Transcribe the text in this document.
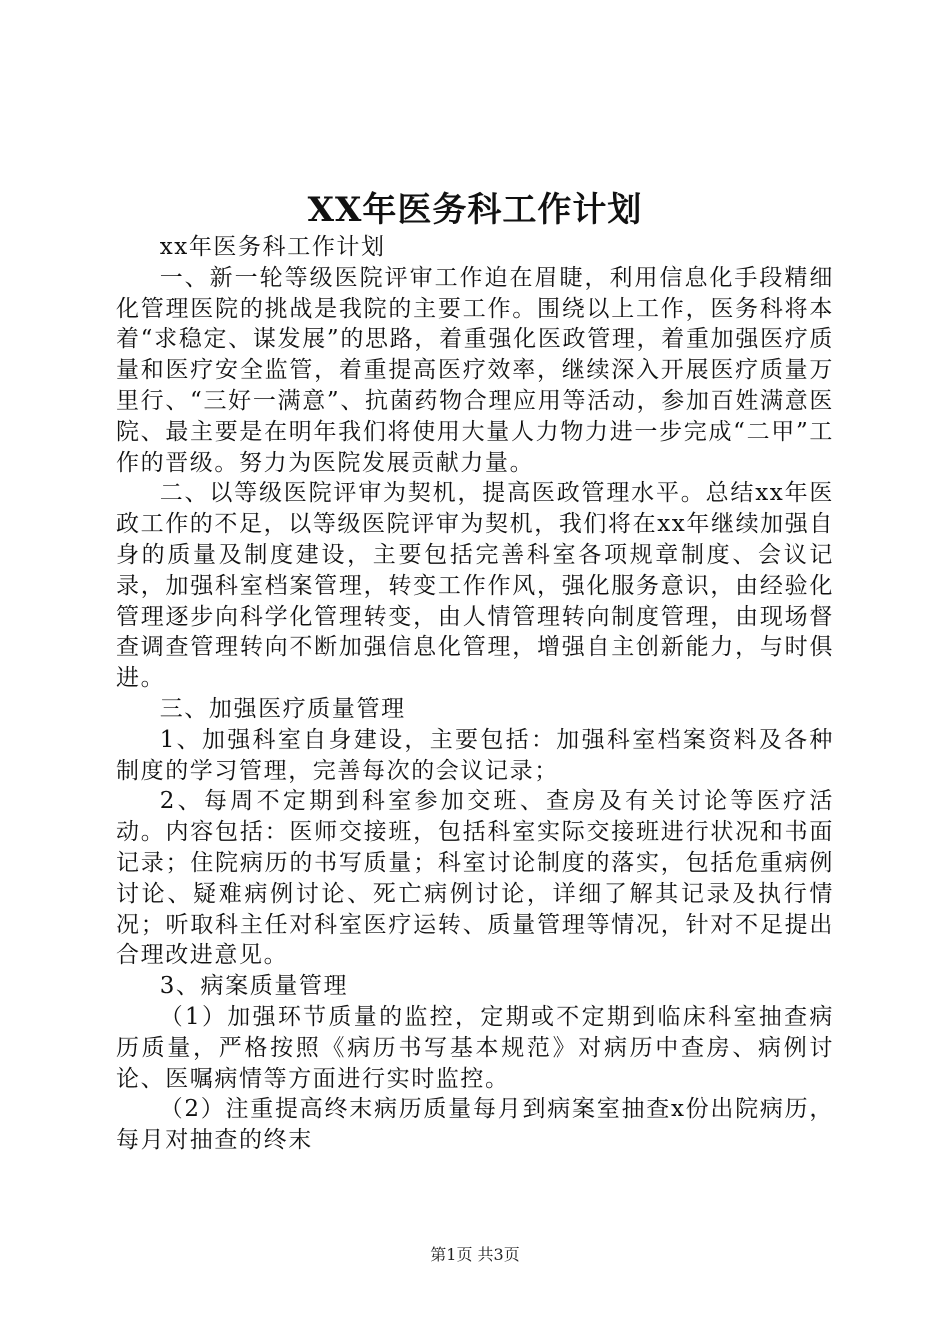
XX年医务科工作计划

xx年医务科工作计划

一、新一轮等级医院评审工作迫在眉睫，利用信息化手段精细化管理医院的挑战是我院的主要工作。围绕以上工作，医务科将本着“求稳定、谋发展”的思路，着重强化医政管理，着重加强医疗质量和医疗安全监管，着重提高医疗效率，继续深入开展医疗质量万里行、“三好一满意”、抗菌药物合理应用等活动，参加百姓满意医院、最主要是在明年我们将使用大量人力物力进一步完成“二甲”工作的晋级。努力为医院发展贡献力量。

二、以等级医院评审为契机，提高医政管理水平。总结xx年医政工作的不足，以等级医院评审为契机，我们将在xx年继续加强自身的质量及制度建设，主要包括完善科室各项规章制度、会议记录，加强科室档案管理，转变工作作风，强化服务意识，由经验化管理逐步向科学化管理转变，由人情管理转向制度管理，由现场督查调查管理转向不断加强信息化管理，增强自主创新能力，与时俱进。

三、加强医疗质量管理

1、加强科室自身建设，主要包括：加强科室档案资料及各种制度的学习管理，完善每次的会议记录；

2、每周不定期到科室参加交班、查房及有关讨论等医疗活动。内容包括：医师交接班，包括科室实际交接班进行状况和书面记录；住院病历的书写质量；科室讨论制度的落实，包括危重病例讨论、疑难病例讨论、死亡病例讨论，详细了解其记录及执行情况；听取科主任对科室医疗运转、质量管理等情况，针对不足提出合理改进意见。

3、病案质量管理

（1）加强环节质量的监控，定期或不定期到临床科室抽查病历质量，严格按照《病历书写基本规范》对病历中查房、病例讨论、医嘱病情等方面进行实时监控。

（2）注重提高终末病历质量每月到病案室抽查x份出院病历，每月对抽查的终末

第1页 共3页
